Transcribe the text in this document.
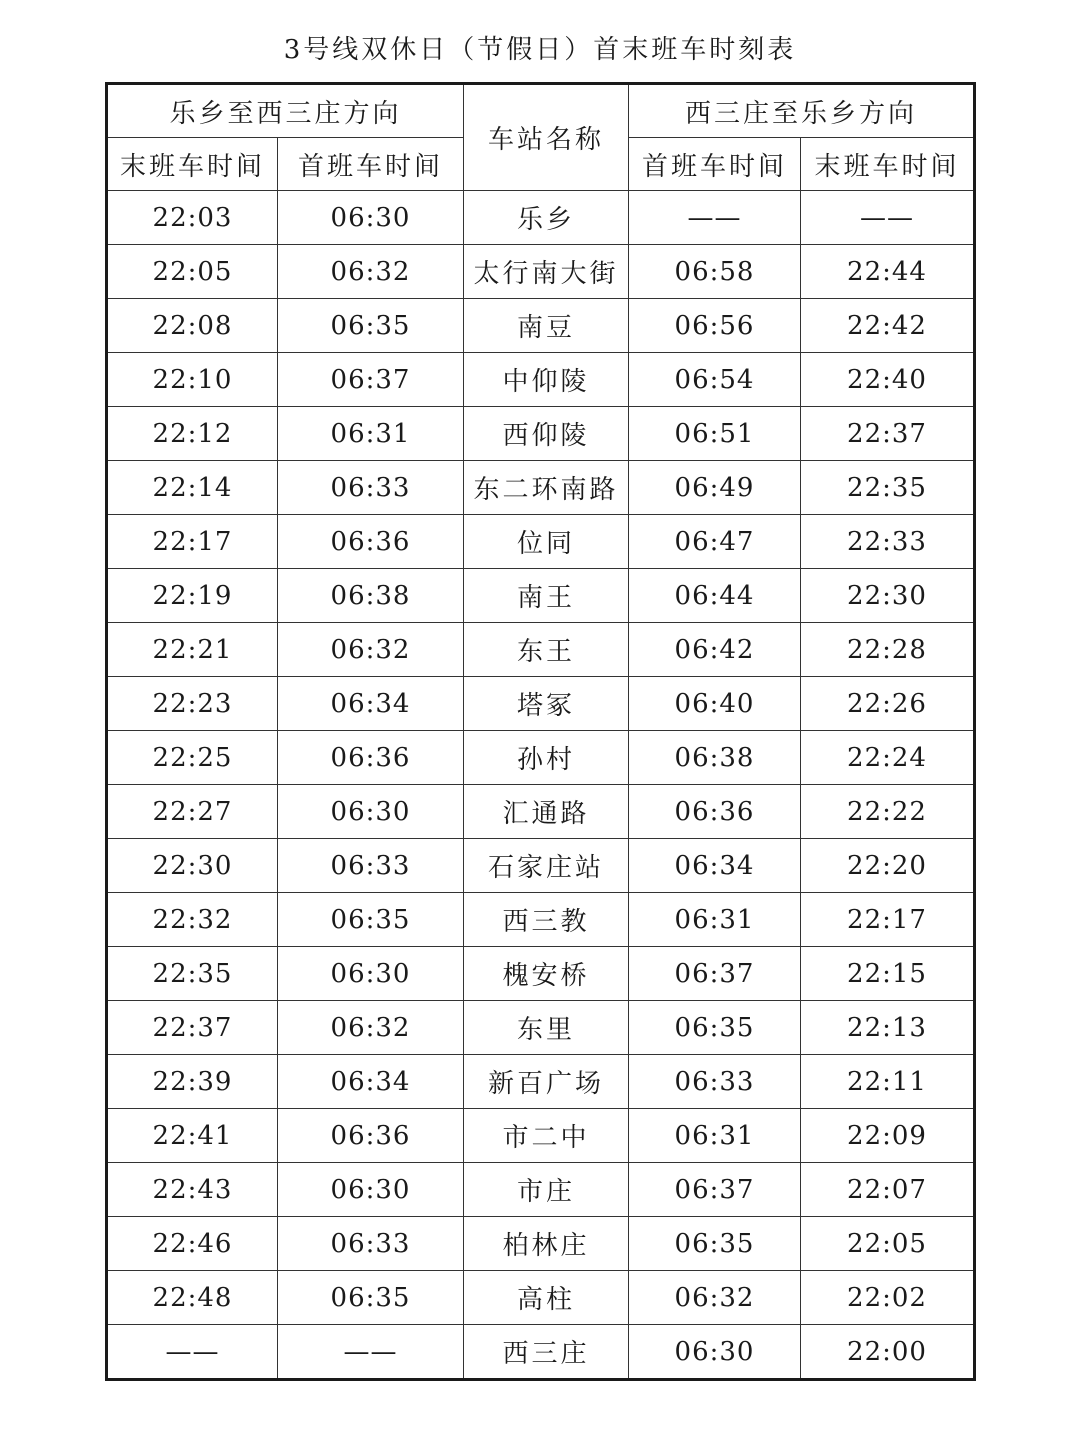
3号线双休日（节假日）首末班车时刻表
乐乡至西三庄方向		车站名称	西三庄至乐乡方向	
末班车时间	首班车时间		首班车时间	末班车时间
22:03	06:30	乐乡	——	——
22:05	06:32	太行南大街	06:58	22:44
22:08	06:35	南豆	06:56	22:42
22:10	06:37	中仰陵	06:54	22:40
22:12	06:31	西仰陵	06:51	22:37
22:14	06:33	东二环南路	06:49	22:35
22:17	06:36	位同	06:47	22:33
22:19	06:38	南王	06:44	22:30
22:21	06:32	东王	06:42	22:28
22:23	06:34	塔冢	06:40	22:26
22:25	06:36	孙村	06:38	22:24
22:27	06:30	汇通路	06:36	22:22
22:30	06:33	石家庄站	06:34	22:20
22:32	06:35	西三教	06:31	22:17
22:35	06:30	槐安桥	06:37	22:15
22:37	06:32	东里	06:35	22:13
22:39	06:34	新百广场	06:33	22:11
22:41	06:36	市二中	06:31	22:09
22:43	06:30	市庄	06:37	22:07
22:46	06:33	柏林庄	06:35	22:05
22:48	06:35	高柱	06:32	22:02
——	——	西三庄	06:30	22:00
